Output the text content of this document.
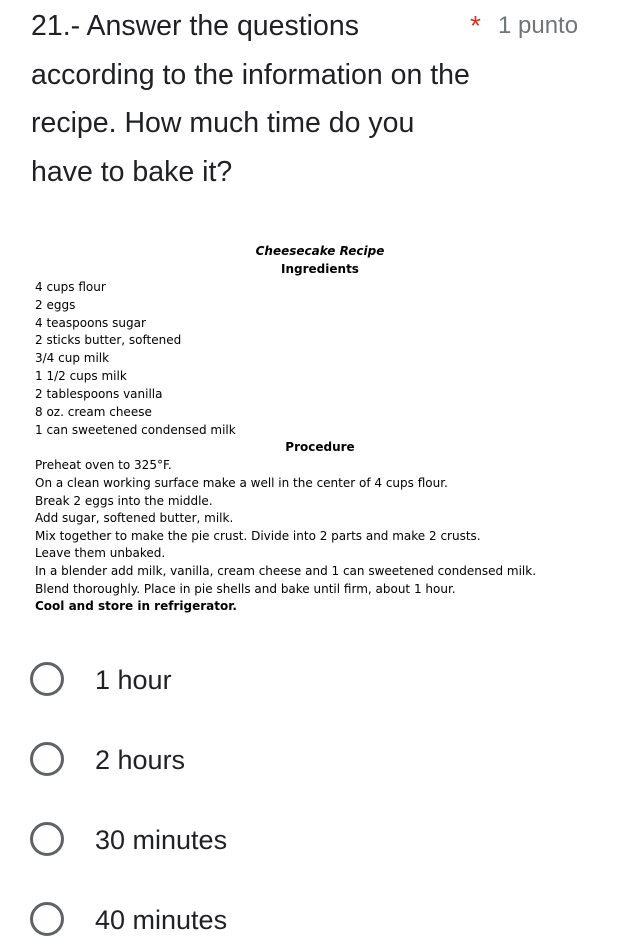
21.- Answer the questions according to the information on the recipe. How much time do you have to bake it?
* 1 punto
Cheesecake Recipe
Ingredients
4 cups flour
2 eggs
4 teaspoons sugar
2 sticks butter, softened
3/4 cup milk
1 1/2 cups milk
2 tablespoons vanilla
8 oz. cream cheese
1 can sweetened condensed milk
Procedure
Preheat oven to 325°F.
On a clean working surface make a well in the center of 4 cups flour.
Break 2 eggs into the middle.
Add sugar, softened butter, milk.
Mix together to make the pie crust. Divide into 2 parts and make 2 crusts.
Leave them unbaked.
In a blender add milk, vanilla, cream cheese and 1 can sweetened condensed milk.
Blend thoroughly. Place in pie shells and bake until firm, about 1 hour.
Cool and store in refrigerator.
1 hour
2 hours
30 minutes
40 minutes
